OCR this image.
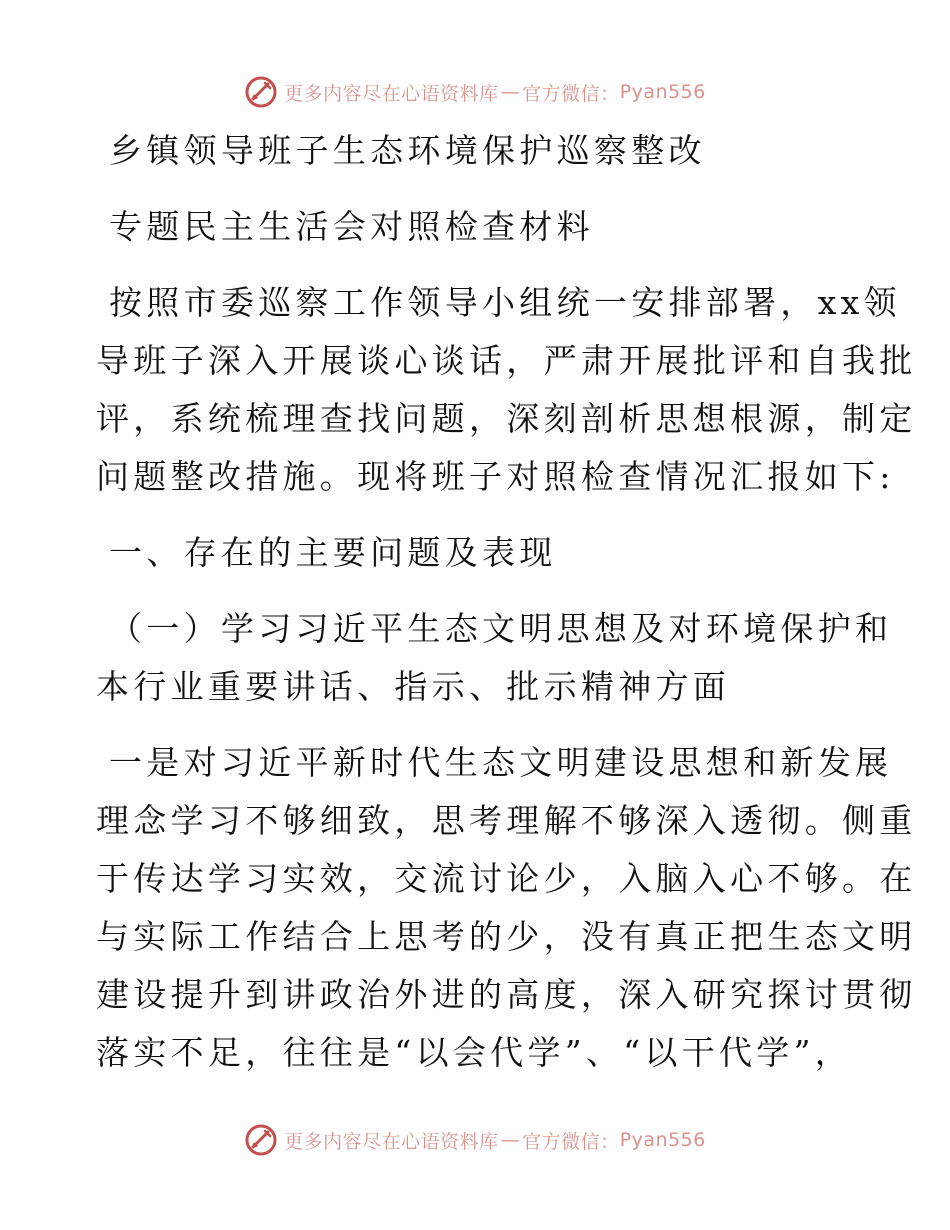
更多内容尽在心语资料库 — 官方微信： Pyan556
乡镇领导班子生态环境保护巡察整改
专题民主生活会对照检查材料
按照市委巡察工作领导小组统一安排部署，xx领
导班子深入开展谈心谈话，严肃开展批评和自我批
评，系统梳理查找问题，深刻剖析思想根源，制定
问题整改措施。现将班子对照检查情况汇报如下:
一、存在的主要问题及表现
（一）学习习近平生态文明思想及对环境保护和
本行业重要讲话、指示、批示精神方面
一是对习近平新时代生态文明建设思想和新发展
理念学习不够细致，思考理解不够深入透彻。侧重
于传达学习实效，交流讨论少，入脑入心不够。在
与实际工作结合上思考的少，没有真正把生态文明
建设提升到讲政治外进的高度，深入研究探讨贯彻
落实不足，往往是“以会代学”、“以干代学”，
更多内容尽在心语资料库 — 官方微信： Pyan556
